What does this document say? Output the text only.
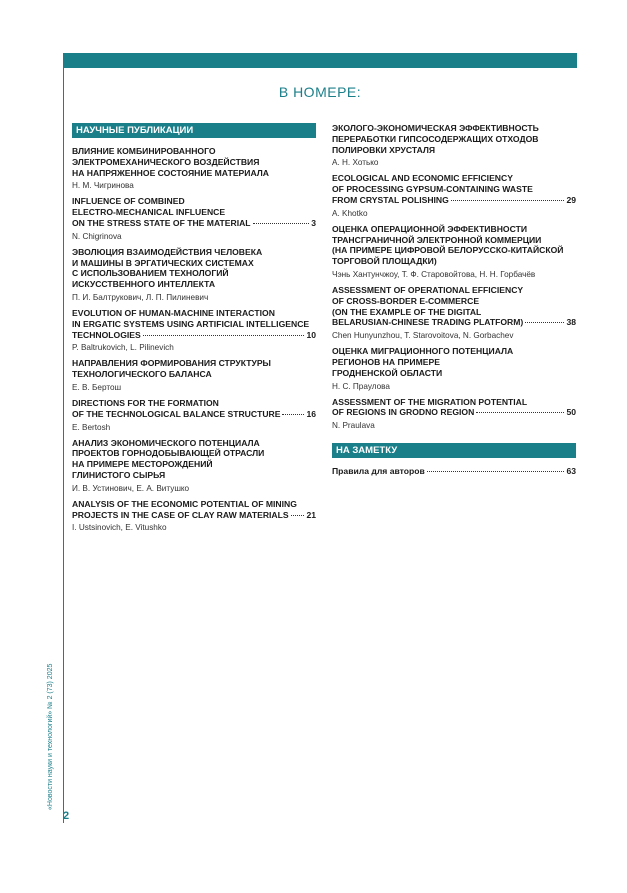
В НОМЕРЕ:
НАУЧНЫЕ ПУБЛИКАЦИИ
ВЛИЯНИЕ КОМБИНИРОВАННОГО
ЭЛЕКТРОМЕХАНИЧЕСКОГО ВОЗДЕЙСТВИЯ
НА НАПРЯЖЕННОЕ СОСТОЯНИЕ МАТЕРИАЛА
Н. М. Чигринова
INFLUENCE OF COMBINED
ELECTRO-MECHANICAL INFLUENCE
ON THE STRESS STATE OF THE MATERIAL	3
N. Chigrinova
ЭВОЛЮЦИЯ ВЗАИМОДЕЙСТВИЯ ЧЕЛОВЕКА
И МАШИНЫ В ЭРГАТИЧЕСКИХ СИСТЕМАХ
С ИСПОЛЬЗОВАНИЕМ ТЕХНОЛОГИЙ
ИСКУССТВЕННОГО ИНТЕЛЛЕКТА
П. И. Балтрукович, Л. П. Пилиневич
EVOLUTION OF HUMAN-MACHINE INTERACTION
IN ERGATIC SYSTEMS USING ARTIFICIAL INTELLIGENCE
TECHNOLOGIES	10
P. Baltrukovich, L. Pilinevich
НАПРАВЛЕНИЯ ФОРМИРОВАНИЯ СТРУКТУРЫ
ТЕХНОЛОГИЧЕСКОГО БАЛАНСА
Е. В. Бертош
DIRECTIONS FOR THE FORMATION
OF THE TECHNOLOGICAL BALANCE STRUCTURE	16
E. Bertosh
АНАЛИЗ ЭКОНОМИЧЕСКОГО ПОТЕНЦИАЛА
ПРОЕКТОВ ГОРНОДОБЫВАЮЩЕЙ ОТРАСЛИ
НА ПРИМЕРЕ МЕСТОРОЖДЕНИЙ
ГЛИНИСТОГО СЫРЬЯ
И. В. Устинович, Е. А. Витушко
ANALYSIS OF THE ECONOMIC POTENTIAL OF MINING
PROJECTS IN THE CASE OF CLAY RAW MATERIALS 21
I. Ustsinovich, E. Vitushko
ЭКОЛОГО-ЭКОНОМИЧЕСКАЯ ЭФФЕКТИВНОСТЬ
ПЕРЕРАБОТКИ ГИПСОСОДЕРЖАЩИХ ОТХОДОВ
ПОЛИРОВКИ ХРУСТАЛЯ
А. Н. Хотько
ECOLOGICAL AND ECONOMIC EFFICIENCY
OF PROCESSING GYPSUM-CONTAINING WASTE
FROM CRYSTAL POLISHING	29
A. Khotko
ОЦЕНКА ОПЕРАЦИОННОЙ ЭФФЕКТИВНОСТИ
ТРАНСГРАНИЧНОЙ ЭЛЕКТРОННОЙ КОММЕРЦИИ
(НА ПРИМЕРЕ ЦИФРОВОЙ БЕЛОРУССКО-КИТАЙСКОЙ
ТОРГОВОЙ ПЛОЩАДКИ)
Чэнь Хантунчжоу, Т. Ф. Старовойтова, Н. Н. Горбачёв
ASSESSMENT OF OPERATIONAL EFFICIENCY
OF CROSS-BORDER E-COMMERCE
(ON THE EXAMPLE OF THE DIGITAL
BELARUSIAN-CHINESE TRADING PLATFORM)	38
Chen Hunyunzhou, T. Starovoitova, N. Gorbachev
ОЦЕНКА МИГРАЦИОННОГО ПОТЕНЦИАЛА
РЕГИОНОВ НА ПРИМЕРЕ
ГРОДНЕНСКОЙ ОБЛАСТИ
Н. С. Праулова
ASSESSMENT OF THE MIGRATION POTENTIAL
OF REGIONS IN GRODNO REGION	50
N. Praulava
НА ЗАМЕТКУ
Правила для авторов	63
«Новости науки и технологий» № 2 (73) 2025
2
